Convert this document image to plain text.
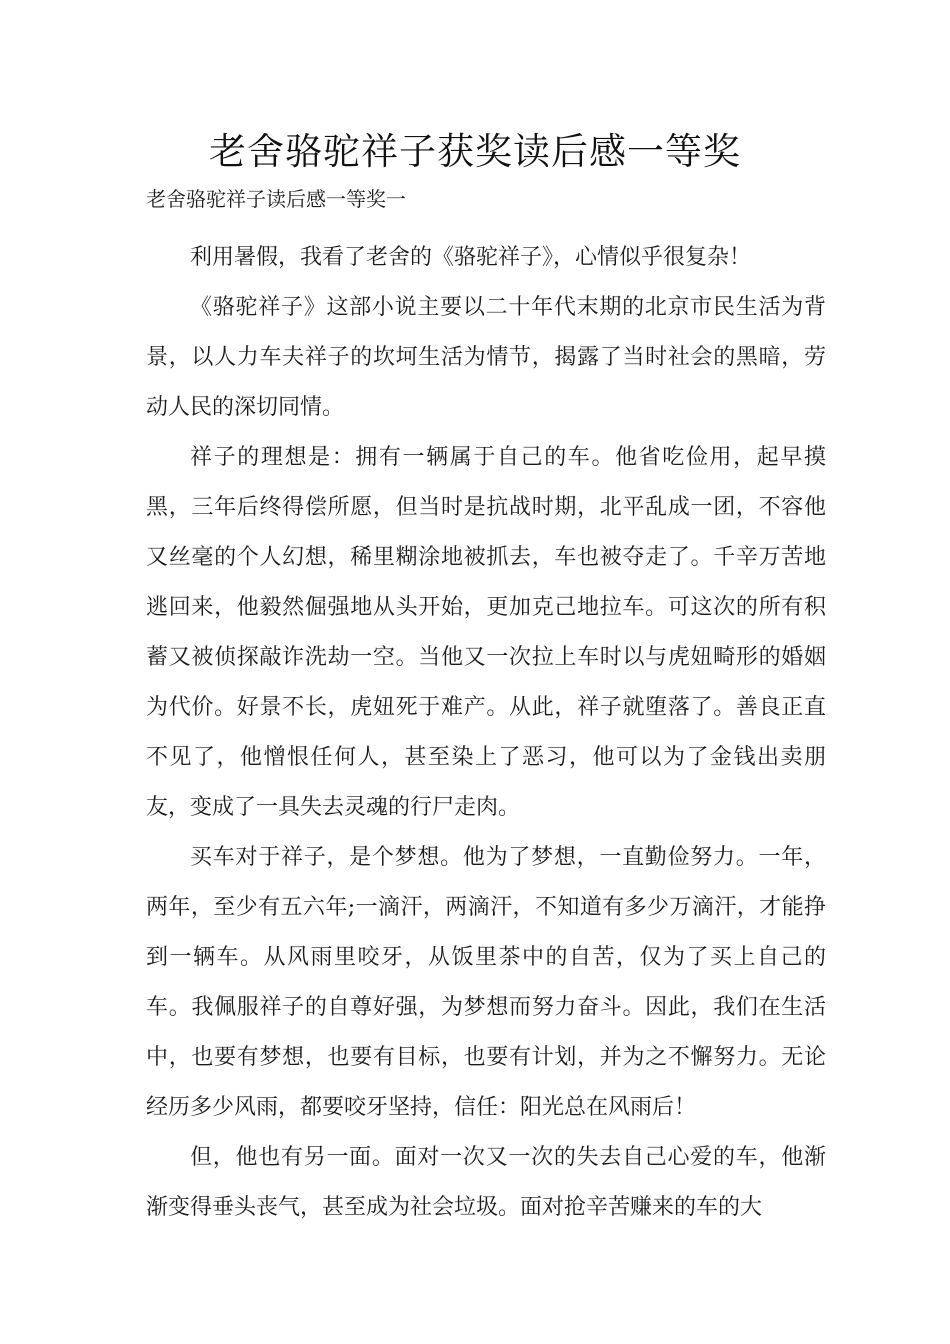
老舍骆驼祥子获奖读后感一等奖

老舍骆驼祥子读后感一等奖一

利用暑假，我看了老舍的《骆驼祥子》，心情似乎很复杂！

《骆驼祥子》这部小说主要以二十年代末期的北京市民生活为背景，以人力车夫祥子的坎坷生活为情节，揭露了当时社会的黑暗，劳动人民的深切同情。

祥子的理想是：拥有一辆属于自己的车。他省吃俭用，起早摸黑，三年后终得偿所愿，但当时是抗战时期，北平乱成一团，不容他又丝毫的个人幻想，稀里糊涂地被抓去，车也被夺走了。千辛万苦地逃回来，他毅然倔强地从头开始，更加克己地拉车。可这次的所有积蓄又被侦探敲诈洗劫一空。当他又一次拉上车时以与虎妞畸形的婚姻为代价。好景不长，虎妞死于难产。从此，祥子就堕落了。善良正直不见了，他憎恨任何人，甚至染上了恶习，他可以为了金钱出卖朋友，变成了一具失去灵魂的行尸走肉。

买车对于祥子，是个梦想。他为了梦想，一直勤俭努力。一年，两年，至少有五六年;一滴汗，两滴汗，不知道有多少万滴汗，才能挣到一辆车。从风雨里咬牙，从饭里茶中的自苦，仅为了买上自己的车。我佩服祥子的自尊好强，为梦想而努力奋斗。因此，我们在生活中，也要有梦想，也要有目标，也要有计划，并为之不懈努力。无论经历多少风雨，都要咬牙坚持，信任：阳光总在风雨后！

但，他也有另一面。面对一次又一次的失去自己心爱的车，他渐渐变得垂头丧气，甚至成为社会垃圾。面对抢辛苦赚来的车的大
